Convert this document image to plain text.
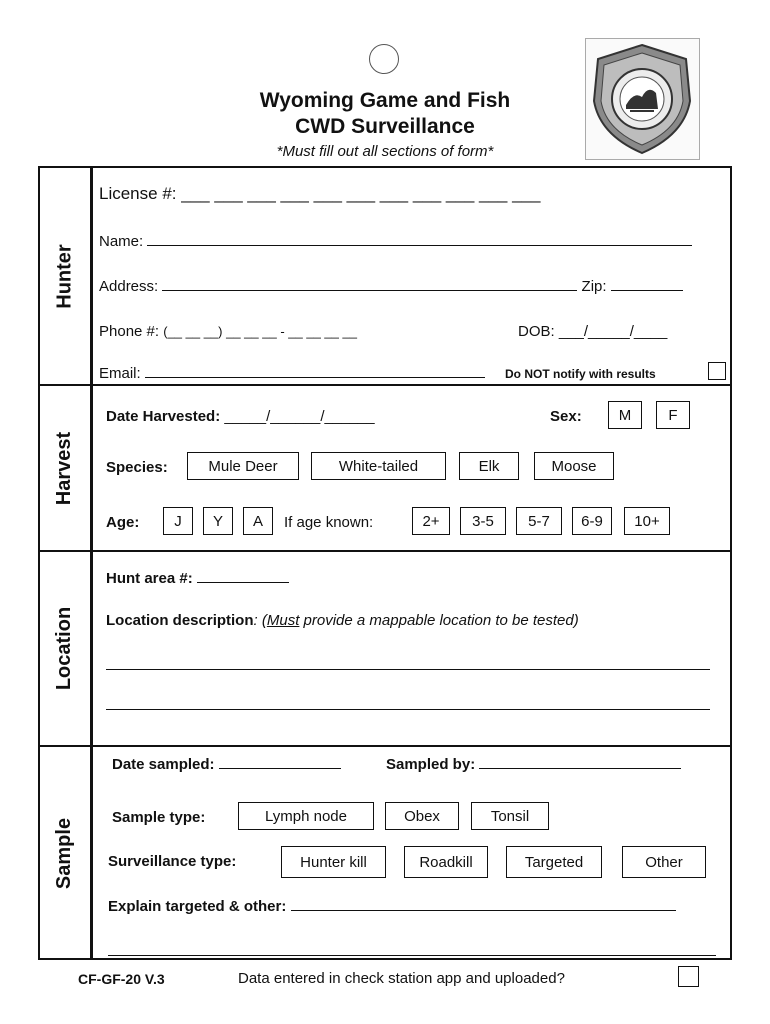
Wyoming Game and Fish
CWD Surveillance
*Must fill out all sections of form*
Hunter
Harvest
Location
Sample
License #: ___ ___ ___ ___ ___ ___ ___ ___ ___ ___ ___
Name:
Address:	Zip:
Phone #: (__ __ __) __ __ __ - __ __ __ __	DOB: ___/_____/____
Email:	Do NOT notify with results
Date Harvested: _____/______/______	Sex:	M	F
Species:	Mule Deer	White-tailed	Elk	Moose
Age:	J	Y	A	If age known:	2+	3-5	5-7	6-9	10+
Hunt area #:
Location description: (Must provide a mappable location to be tested)
Date sampled:	Sampled by:
Sample type:	Lymph node	Obex	Tonsil
Surveillance type:	Hunter kill	Roadkill	Targeted	Other
Explain targeted & other:
CF-GF-20 V.3	Data entered in check station app and uploaded?
